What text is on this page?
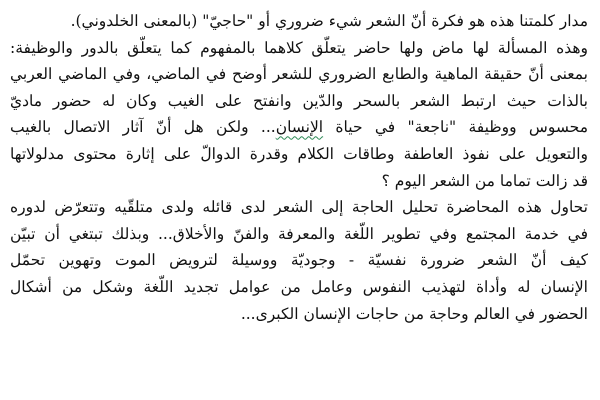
مدار كلمتنا هذه هو فكرة أنّ الشعر شيء ضروري أو "حاجيّ" (بالمعنى الخلدوني).
وهذه المسألة لها ماض ولها حاضر يتعلّق كلاهما بالمفهوم كما يتعلّق بالدور والوظيفة:
بمعنى أنّ حقيقة الماهية والطابع الضروري للشعر أوضح في الماضي، وفي الماضي العربي
بالذات حيث ارتبط الشعر بالسحر والدّين وانفتح على الغيب وكان له حضور ماديّ
محسوس ووظيفة "ناجعة" في حياة الإنسان... ولكن هل أنّ آثار الاتصال بالغيب
والتعويل على نفوذ العاطفة وطاقات الكلام وقدرة الدوالّ على إثارة محتوى مدلولاتها
قد زالت تماما من الشعر اليوم ؟
تحاول هذه المحاضرة تحليل الحاجة إلى الشعر لدى قائله ولدى متلقّيه وتتعرّض لدوره
في خدمة المجتمع وفي تطوير اللّغة والمعرفة والفنّ والأخلاق... وبذلك تبتغي أن تبيّن
كيف أنّ الشعر ضرورة نفسيّة - وجوديّة ووسيلة لترويض الموت وتهوين تحمّل
الإنسان له وأداة لتهذيب النفوس وعامل من عوامل تجديد اللّغة وشكل من أشكال
الحضور في العالم وحاجة من حاجات الإنسان الكبرى...
